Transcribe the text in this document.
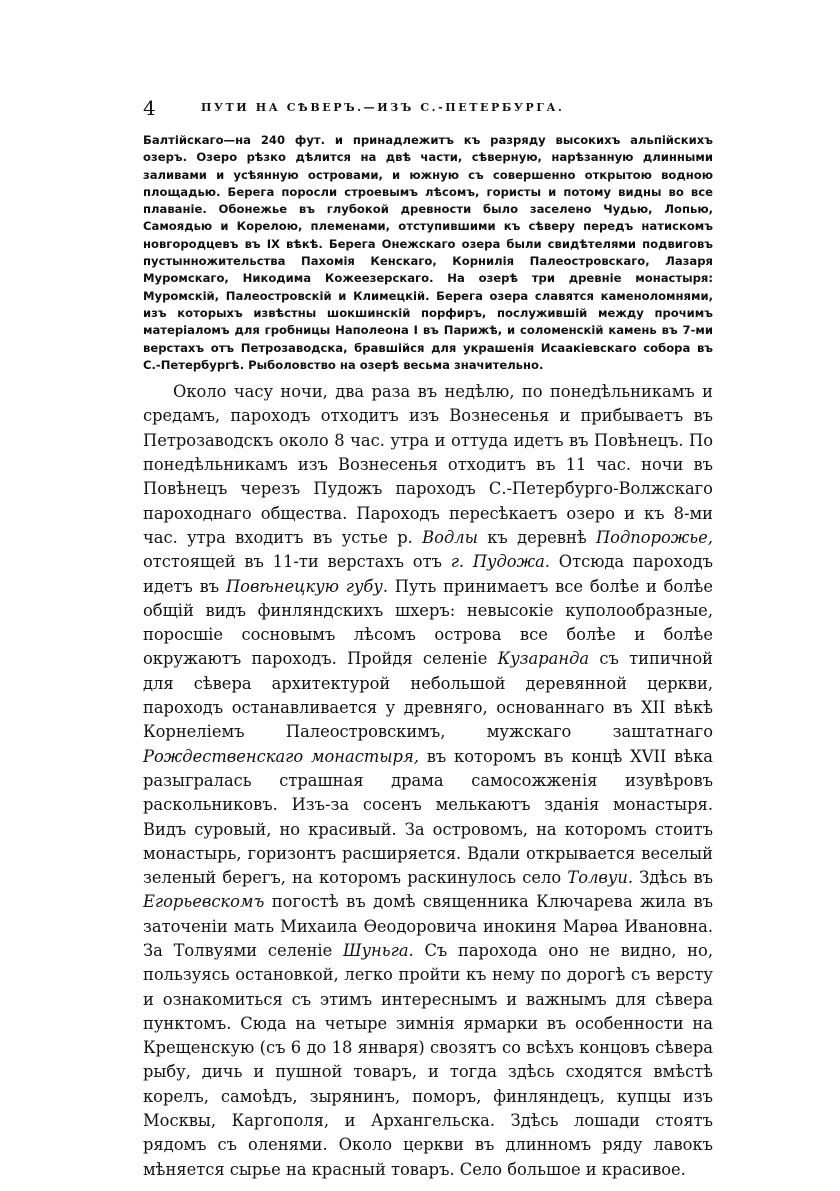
4	ПУТИ НА СѢВЕРЪ.—ИЗЪ С.-ПЕТЕРБУРГА.
Балтійскаго—на 240 фут. и принадлежитъ къ разряду высокихъ альпійскихъ озеръ. Озеро рѣзко дѣлится на двѣ части, сѣверную, нарѣзанную длинными заливами и усѣянную островами, и южную съ совершенно открытою водною площадью. Берега поросли строевымъ лѣсомъ, гористы и потому видны во все плаваніе. Обонежье въ глубокой древности было заселено Чудью, Лопью, Самоядью и Корелою, племенами, отступившими къ сѣверу передъ натискомъ новгородцевъ въ IX вѣкѣ. Берега Онежскаго озера были свидѣтелями подвиговъ пустынножительства Пахомія Кенскаго, Корнилія Палеостровскаго, Лазаря Муромскаго, Никодима Кожеезерскаго. На озерѣ три древніе монастыря: Муромскій, Палеостровскій и Климецкій. Берега озера славятся каменоломнями, изъ которыхъ извѣстны шокшинскій порфиръ, послужившій между прочимъ матеріаломъ для гробницы Наполеона I въ Парижѣ, и соломенскій камень въ 7-ми верстахъ отъ Петрозаводска, бравшійся для украшенія Исаакіевскаго собора въ С.-Петербургѣ. Рыболовство на озерѣ весьма значительно.
Около часу ночи, два раза въ недѣлю, по понедѣльникамъ и средамъ, пароходъ отходитъ изъ Вознесенья и прибываетъ въ Петрозаводскъ около 8 час. утра и оттуда идетъ въ Повѣнецъ. По понедѣльникамъ изъ Вознесенья отходитъ въ 11 час. ночи въ Повѣнецъ черезъ Пудожъ пароходъ С.-Петербурго-Волжскаго пароходнаго общества. Пароходъ пересѣкаетъ озеро и къ 8-ми час. утра входитъ въ устье р. Водлы къ деревнѣ Подпорожье, отстоящей въ 11-ти верстахъ отъ г. Пудожа. Отсюда пароходъ идетъ въ Повѣнецкую губу. Путь принимаетъ все болѣе и болѣе общій видъ финляндскихъ шхеръ: невысокіе куполообразные, поросшіе сосновымъ лѣсомъ острова все болѣе и болѣе окружаютъ пароходъ. Пройдя селеніе Кузаранда съ типичной для сѣвера архитектурой небольшой деревянной церкви, пароходъ останавливается у древняго, основаннаго въ XII вѣкѣ Корнеліемъ Палеостровскимъ, мужскаго заштатнаго Рождественскаго монастыря, въ которомъ въ концѣ XVII вѣка разыгралась страшная драма самосожженія изувѣровъ раскольниковъ. Изъ-за сосенъ мелькаютъ зданія монастыря. Видъ суровый, но красивый. За островомъ, на которомъ стоитъ монастырь, горизонтъ расширяется. Вдали открывается веселый зеленый берегъ, на которомъ раскинулось село Толвуи. Здѣсь въ Егорьевскомъ погостѣ въ домѣ священника Ключарева жила въ заточеніи мать Михаила Ѳеодоровича инокиня Марѳа Ивановна. За Толвуями селеніе Шуньга. Съ парохода оно не видно, но, пользуясь остановкой, легко пройти къ нему по дорогѣ съ версту и ознакомиться съ этимъ интереснымъ и важнымъ для сѣвера пунктомъ. Сюда на четыре зимнія ярмарки въ особенности на Крещенскую (съ 6 до 18 января) свозятъ со всѣхъ концовъ сѣвера рыбу, дичь и пушной товаръ, и тогда здѣсь сходятся вмѣстѣ корелъ, самоѣдъ, зырянинъ, поморъ, финляндецъ, купцы изъ Москвы, Каргополя, и Архангельска. Здѣсь лошади стоятъ рядомъ съ оленями. Около церкви въ длинномъ ряду лавокъ мѣняется сырье на красный товаръ. Село большое и красивое.
